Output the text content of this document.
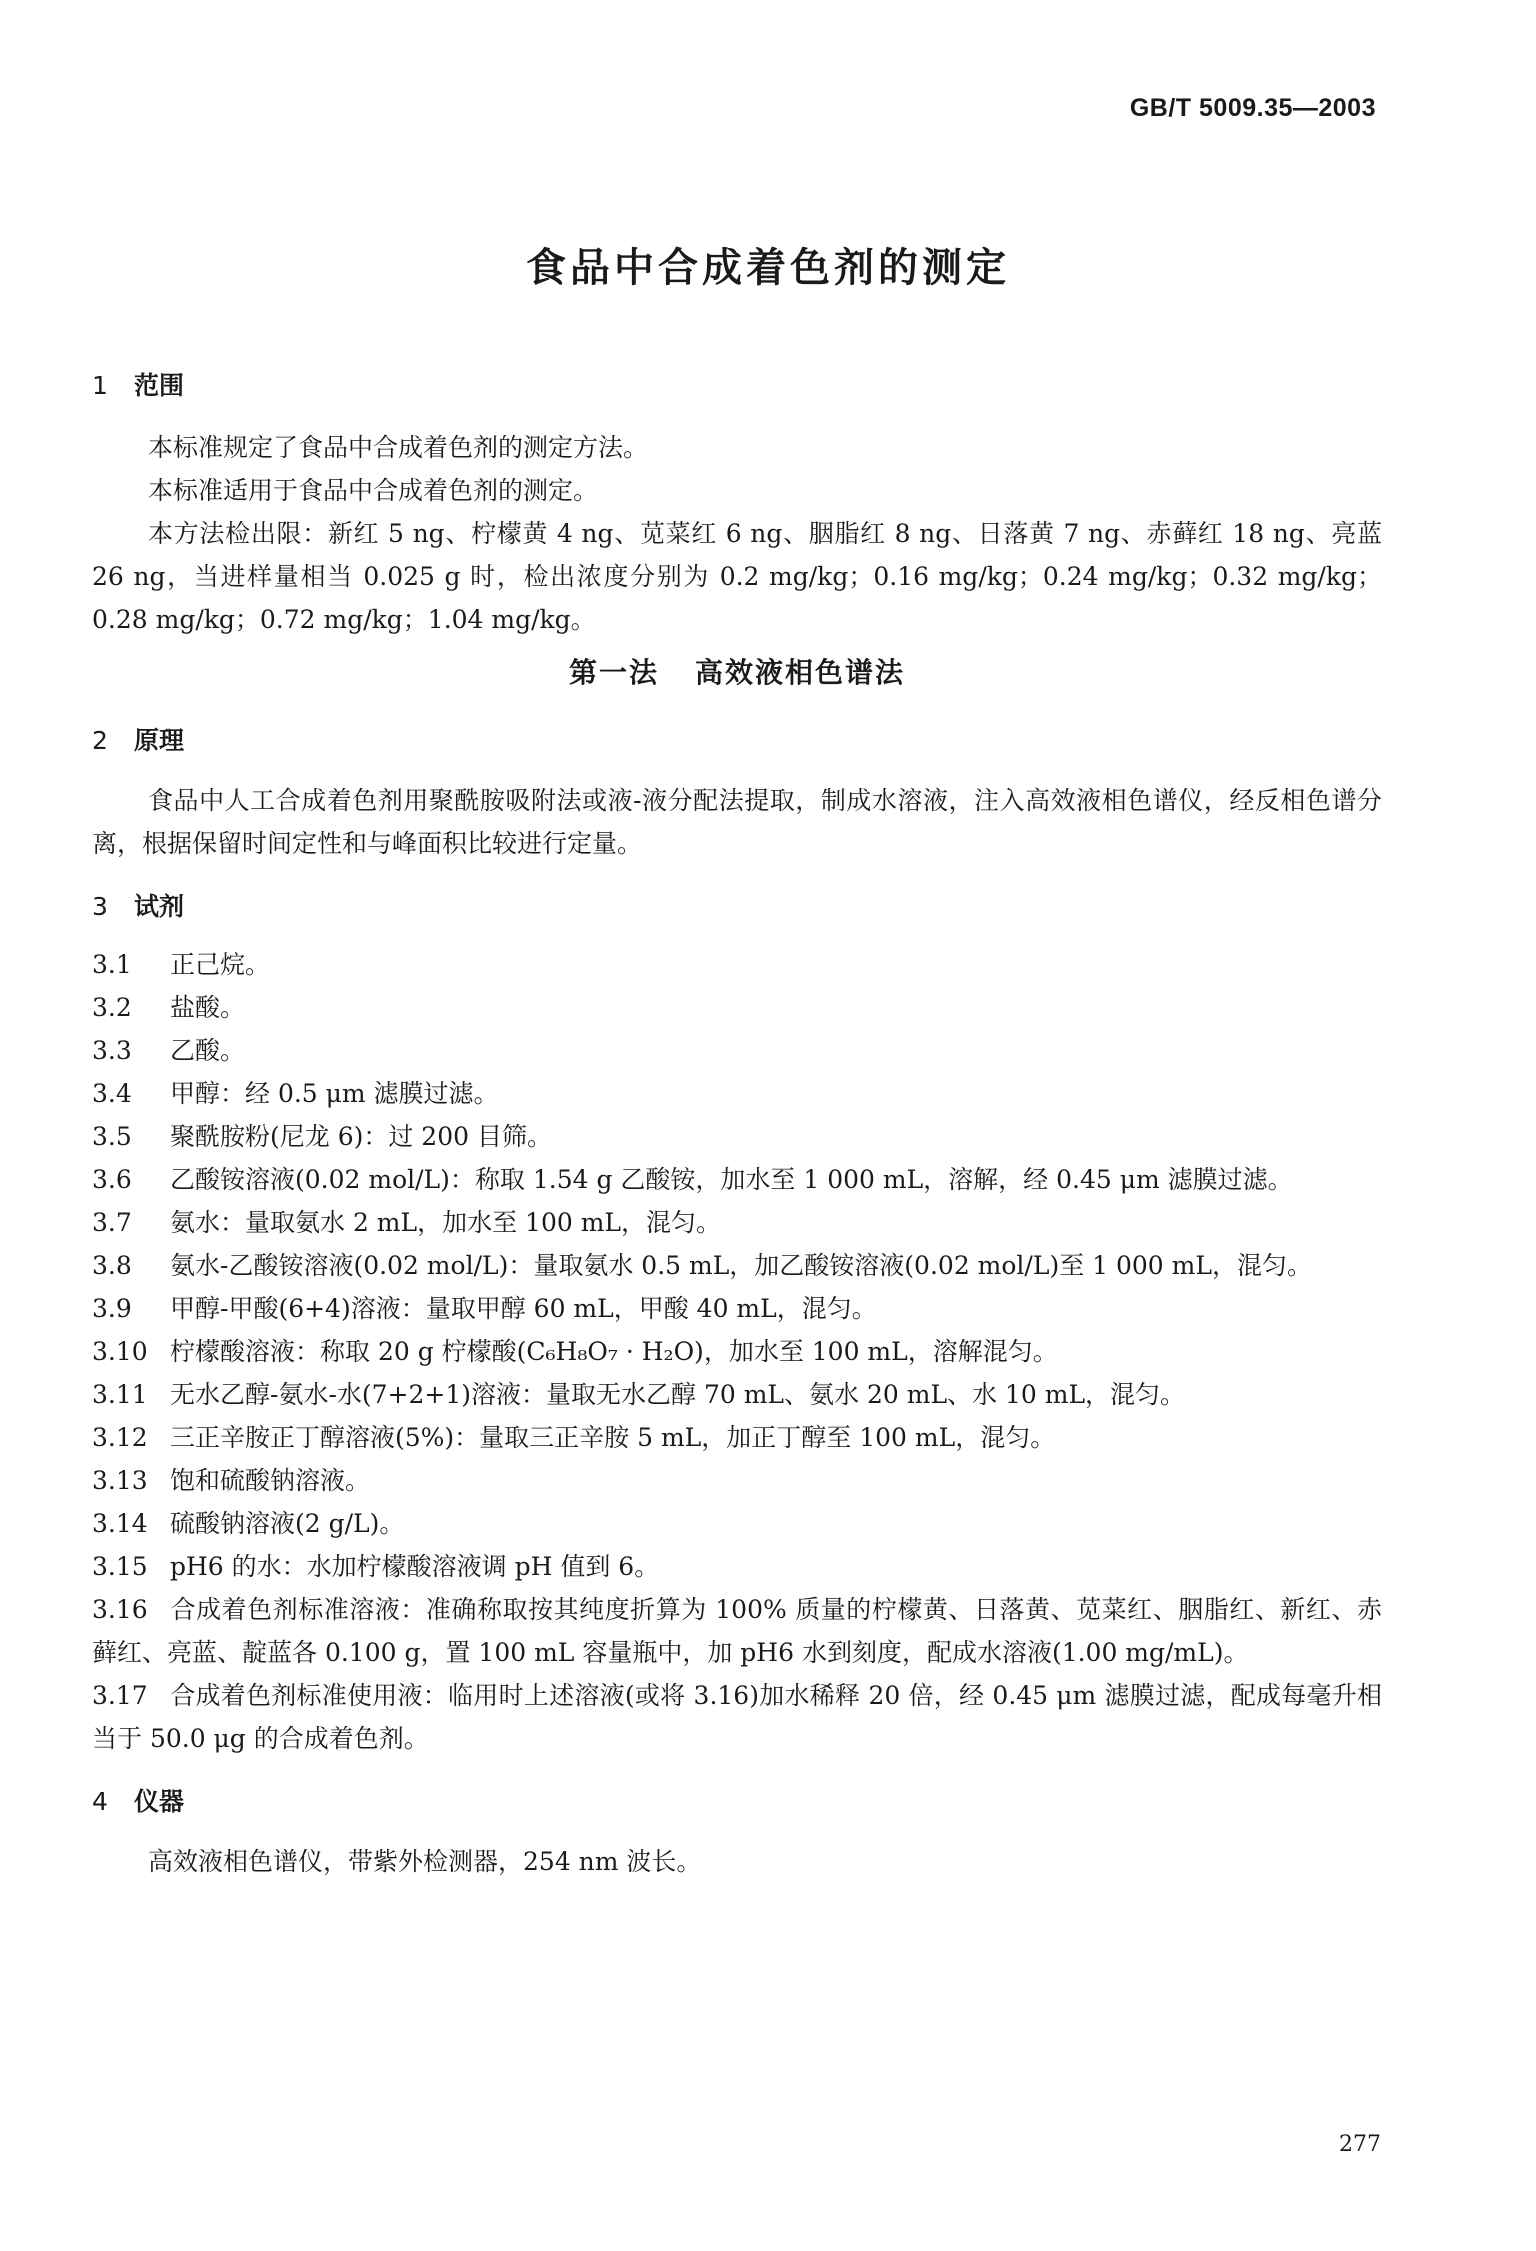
GB/T 5009.35—2003
食品中合成着色剂的测定

1 范围

本标准规定了食品中合成着色剂的测定方法。

本标准适用于食品中合成着色剂的测定。

本方法检出限：新红 5 ng、柠檬黄 4 ng、苋菜红 6 ng、胭脂红 8 ng、日落黄 7 ng、赤藓红 18 ng、亮蓝 26 ng，当进样量相当 0.025 g 时，检出浓度分别为 0.2 mg/kg；0.16 mg/kg；0.24 mg/kg；0.32 mg/kg；0.28 mg/kg；0.72 mg/kg；1.04 mg/kg。

第一法 高效液相色谱法

2 原理

食品中人工合成着色剂用聚酰胺吸附法或液-液分配法提取，制成水溶液，注入高效液相色谱仪，经反相色谱分离，根据保留时间定性和与峰面积比较进行定量。

3 试剂

3.1 正己烷。

3.2 盐酸。

3.3 乙酸。

3.4 甲醇：经 0.5 μm 滤膜过滤。

3.5 聚酰胺粉(尼龙 6)：过 200 目筛。

3.6 乙酸铵溶液(0.02 mol/L)：称取 1.54 g 乙酸铵，加水至 1 000 mL，溶解，经 0.45 μm 滤膜过滤。

3.7 氨水：量取氨水 2 mL，加水至 100 mL，混匀。

3.8 氨水-乙酸铵溶液(0.02 mol/L)：量取氨水 0.5 mL，加乙酸铵溶液(0.02 mol/L)至 1 000 mL，混匀。

3.9 甲醇-甲酸(6+4)溶液：量取甲醇 60 mL，甲酸 40 mL，混匀。

3.10 柠檬酸溶液：称取 20 g 柠檬酸(C₆H₈O₇ · H₂O)，加水至 100 mL，溶解混匀。

3.11 无水乙醇-氨水-水(7+2+1)溶液：量取无水乙醇 70 mL、氨水 20 mL、水 10 mL，混匀。

3.12 三正辛胺正丁醇溶液(5%)：量取三正辛胺 5 mL，加正丁醇至 100 mL，混匀。

3.13 饱和硫酸钠溶液。

3.14 硫酸钠溶液(2 g/L)。

3.15 pH6 的水：水加柠檬酸溶液调 pH 值到 6。

3.16 合成着色剂标准溶液：准确称取按其纯度折算为 100% 质量的柠檬黄、日落黄、苋菜红、胭脂红、新红、赤藓红、亮蓝、靛蓝各 0.100 g，置 100 mL 容量瓶中，加 pH6 水到刻度，配成水溶液(1.00 mg/mL)。

3.17 合成着色剂标准使用液：临用时上述溶液(或将 3.16)加水稀释 20 倍，经 0.45 μm 滤膜过滤，配成每毫升相当于 50.0 μg 的合成着色剂。

4 仪器

高效液相色谱仪，带紫外检测器，254 nm 波长。

277
